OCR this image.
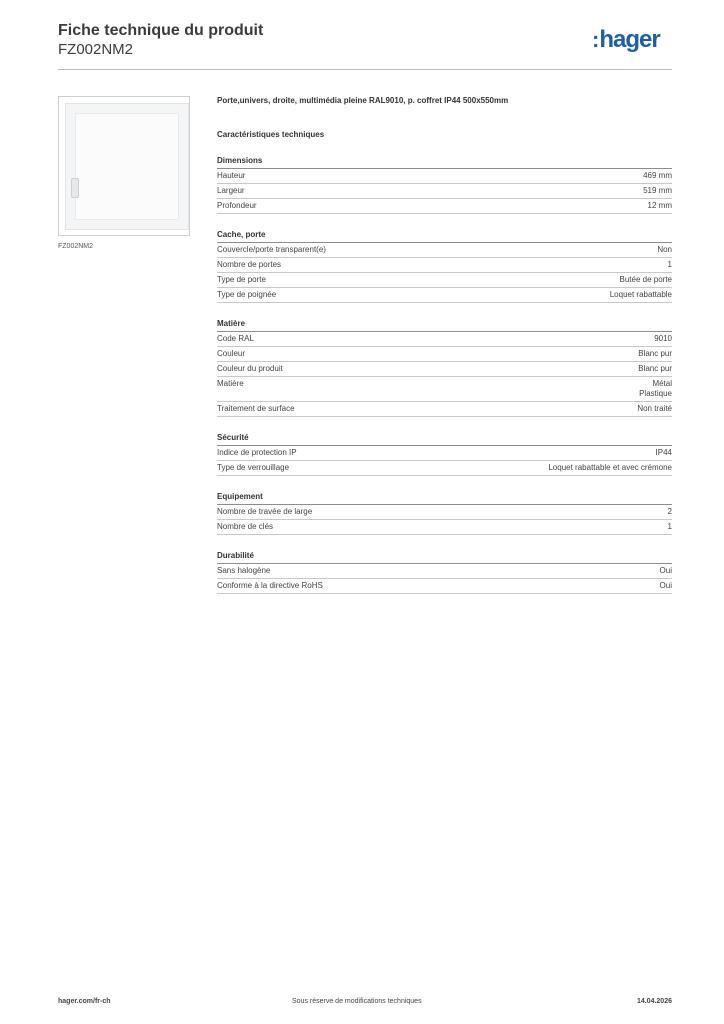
Fiche technique du produit
FZ002NM2	:hager
FZ002NM2
Porte,univers, droite, multimédia pleine RAL9010, p. coffret IP44 500x550mm
Caractéristiques techniques
Dimensions
Hauteur	469 mm
Largeur	519 mm
Profondeur	12 mm
Cache, porte
Couvercle/porte transparent(e)	Non
Nombre de portes	1
Type de porte	Butée de porte
Type de poignée	Loquet rabattable
Matière
Code RAL	9010
Couleur	Blanc pur
Couleur du produit	Blanc pur
Matière	Métal
Plastique
Traitement de surface	Non traité
Sécurité
Indice de protection IP	IP44
Type de verrouillage	Loquet rabattable et avec crémone
Equipement
Nombre de travée de large	2
Nombre de clés	1
Durabilité
Sans halogène	Oui
Conforme à la directive RoHS	Oui
hager.com/fr-ch	Sous réserve de modifications techniques	14.04.2026
